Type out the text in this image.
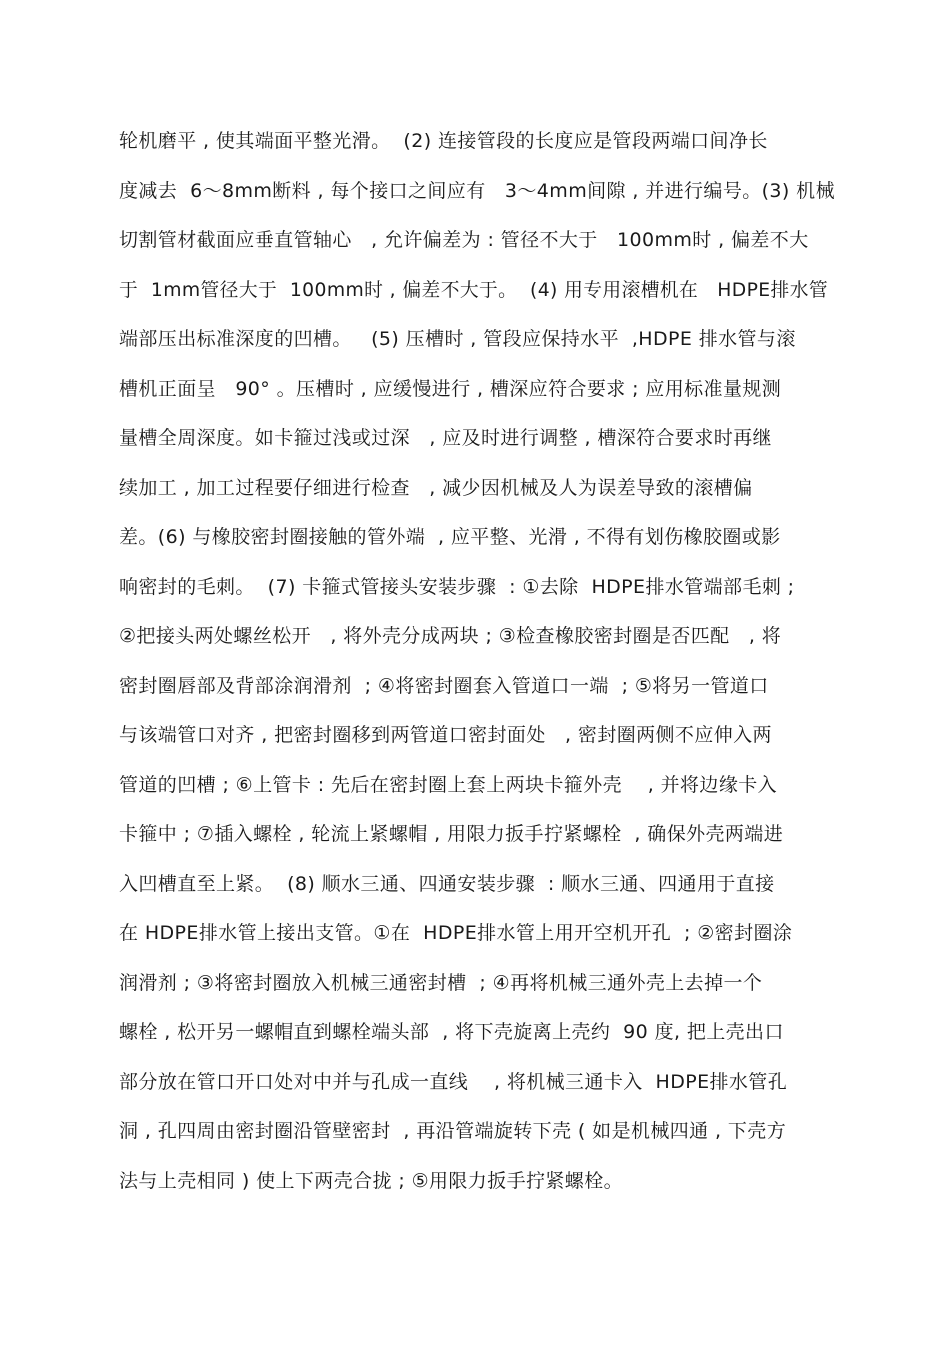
轮机磨平 , 使其端面平整光滑。  (2) 连接管段的长度应是管段两端口间净长
度减去  6～8mm断料 , 每个接口之间应有   3～4mm间隙 , 并进行编号。(3) 机械
切割管材截面应垂直管轴心   , 允许偏差为 : 管径不大于   100mm时 , 偏差不大
于  1mm管径大于  100mm时 , 偏差不大于。  (4) 用专用滚槽机在   HDPE排水管
端部压出标准深度的凹槽。   (5) 压槽时 , 管段应保持水平  ,HDPE 排水管与滚
槽机正面呈   90° 。压槽时 , 应缓慢进行 , 槽深应符合要求 ; 应用标准量规测
量槽全周深度。如卡箍过浅或过深   , 应及时进行调整 , 槽深符合要求时再继
续加工 , 加工过程要仔细进行检查   , 减少因机械及人为误差导致的滚槽偏
差。(6) 与橡胶密封圈接触的管外端  , 应平整、光滑 , 不得有划伤橡胶圈或影
响密封的毛刺。  (7) 卡箍式管接头安装步骤  : ①去除  HDPE排水管端部毛刺 ;
②把接头两处螺丝松开   , 将外壳分成两块 ; ③检查橡胶密封圈是否匹配   , 将
密封圈唇部及背部涂润滑剂  ; ④将密封圈套入管道口一端  ; ⑤将另一管道口
与该端管口对齐 , 把密封圈移到两管道口密封面处   , 密封圈两侧不应伸入两
管道的凹槽 ; ⑥上管卡 : 先后在密封圈上套上两块卡箍外壳    , 并将边缘卡入
卡箍中 ; ⑦插入螺栓 , 轮流上紧螺帽 , 用限力扳手拧紧螺栓  , 确保外壳两端进
入凹槽直至上紧。  (8) 顺水三通、四通安装步骤  : 顺水三通、四通用于直接
在 HDPE排水管上接出支管。①在  HDPE排水管上用开空机开孔  ; ②密封圈涂
润滑剂 ; ③将密封圈放入机械三通密封槽  ; ④再将机械三通外壳上去掉一个
螺栓 , 松开另一螺帽直到螺栓端头部  , 将下壳旋离上壳约  90 度, 把上壳出口
部分放在管口开口处对中并与孔成一直线    , 将机械三通卡入  HDPE排水管孔
洞 , 孔四周由密封圈沿管壁密封  , 再沿管端旋转下壳 ( 如是机械四通 , 下壳方
法与上壳相同 ) 使上下两壳合拢 ; ⑤用限力扳手拧紧螺栓。
